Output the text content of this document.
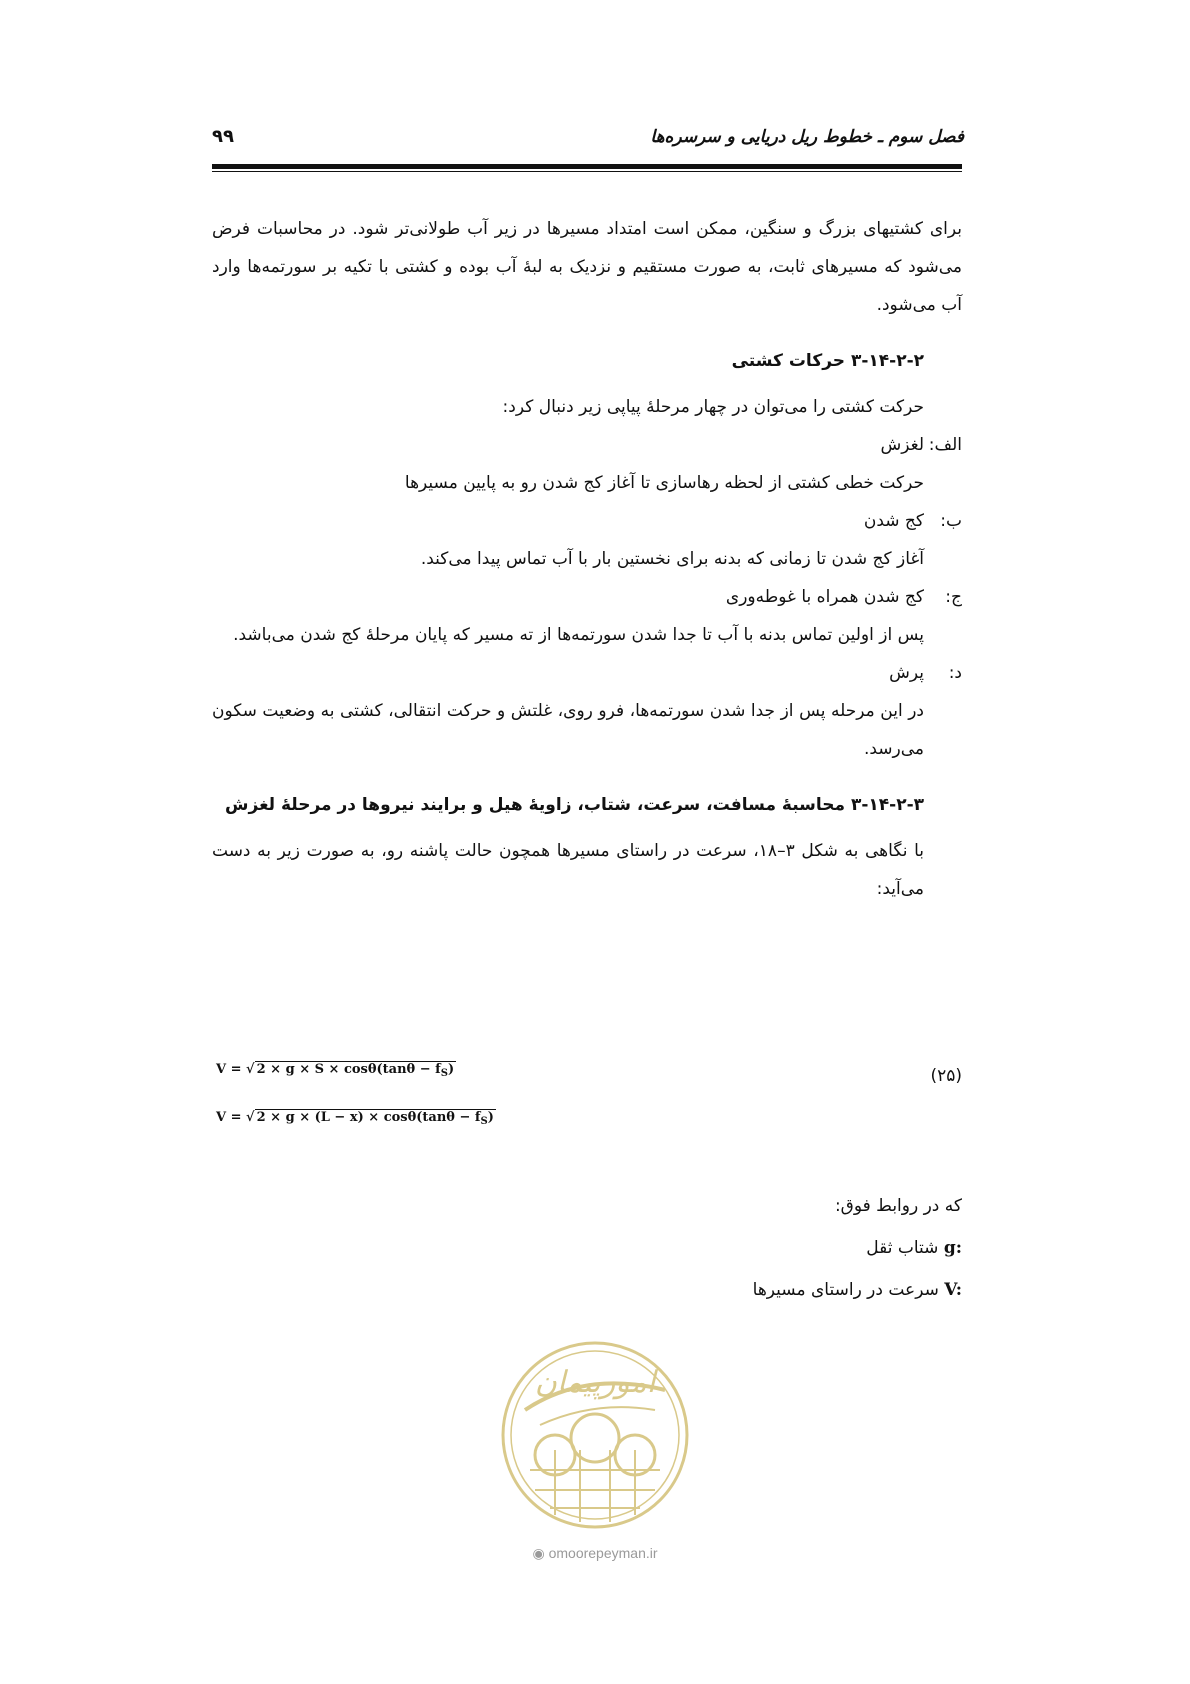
فصل سوم ـ خطوط ریل دریایی و سرسره‌ها
۹۹

برای کشتیهای بزرگ و سنگین، ممکن است امتداد مسیرها در زیر آب طولانی‌تر شود. در محاسبات فرض می‌شود که مسیرهای ثابت، به صورت مستقیم و نزدیک به لبهٔ آب بوده و کشتی با تکیه بر سورتمه‌ها وارد آب می‌شود.

۳-۱۴-۲-۲ حرکات کشتی

حرکت کشتی را می‌توان در چهار مرحلهٔ پیاپی زیر دنبال کرد:

الف:
لغزش

حرکت خطی کشتی از لحظه رهاسازی تا آغاز کج شدن رو به پایین مسیرها

ب:
کج شدن

آغاز کج شدن تا زمانی که بدنه برای نخستین بار با آب تماس پیدا می‌کند.

ج:
کج شدن همراه با غوطه‌وری

پس از اولین تماس بدنه با آب تا جدا شدن سورتمه‌ها از ته مسیر که پایان مرحلهٔ کج شدن می‌باشد.

د:
پرش

در این مرحله پس از جدا شدن سورتمه‌ها، فرو روی، غلتش و حرکت انتقالی، کشتی به وضعیت سکون می‌رسد.

۳-۱۴-۲-۳ محاسبهٔ مسافت، سرعت، شتاب، زاویهٔ هیل و برایند نیروها در مرحلهٔ لغزش

با نگاهی به شکل ۳–۱۸، سرعت در راستای مسیرها همچون حالت پاشنه رو، به صورت زیر به دست می‌آید:

V = √ $2 \times g \times S \times \cos\theta(\tan\theta - f_S)$	(۲۵)
V = √ $2 \times g \times (L - x) \times \cos\theta(\tan\theta - f_S)$

که در روابط فوق:

g: شتاب ثقل

V: سرعت در راستای مسیرها

امورپیمان
◉ omoorepeyman.ir
